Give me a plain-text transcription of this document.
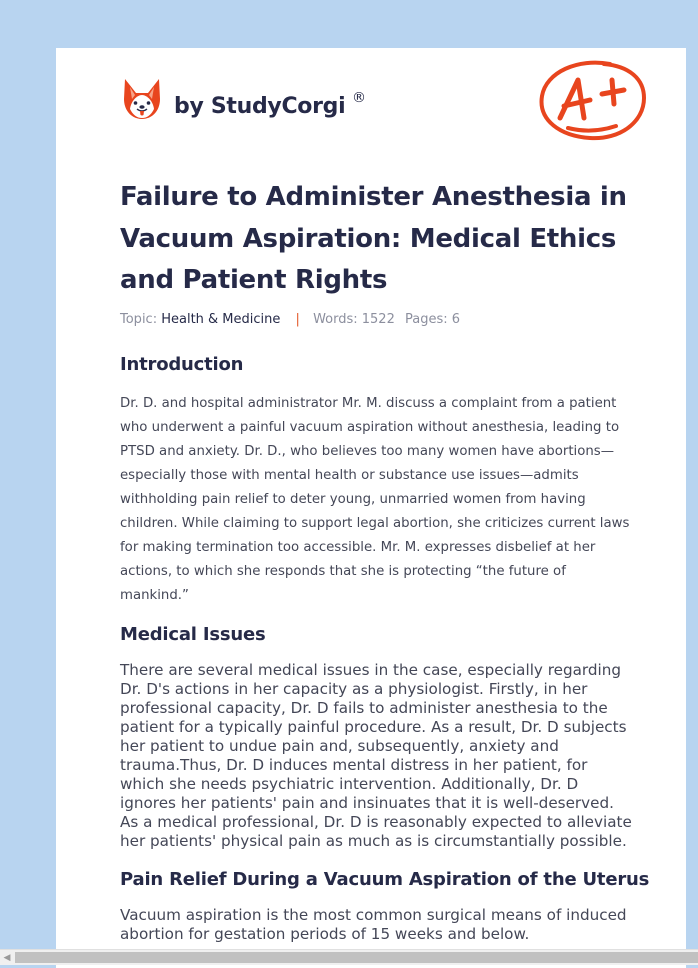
by StudyCorgi ®
Failure to Administer Anesthesia in Vacuum Aspiration: Medical Ethics and Patient Rights
Topic: Health & Medicine | Words: 1522 Pages: 6
Introduction

Dr. D. and hospital administrator Mr. M. discuss a complaint from a patient who underwent a painful vacuum aspiration without anesthesia, leading to PTSD and anxiety. Dr. D., who believes too many women have abortions—especially those with mental health or substance use issues—admits withholding pain relief to deter young, unmarried women from having children. While claiming to support legal abortion, she criticizes current laws for making termination too accessible. Mr. M. expresses disbelief at her actions, to which she responds that she is protecting “the future of mankind.”

Medical Issues

There are several medical issues in the case, especially regarding Dr. D's actions in her capacity as a physiologist. Firstly, in her professional capacity, Dr. D fails to administer anesthesia to the patient for a typically painful procedure. As a result, Dr. D subjects her patient to undue pain and, subsequently, anxiety and trauma.Thus, Dr. D induces mental distress in her patient, for which she needs psychiatric intervention. Additionally, Dr. D ignores her patients' pain and insinuates that it is well-deserved. As a medical professional, Dr. D is reasonably expected to alleviate her patients' physical pain as much as is circumstantially possible.

Pain Relief During a Vacuum Aspiration of the Uterus

Vacuum aspiration is the most common surgical means of induced abortion for gestation periods of 15 weeks and below.

◀
